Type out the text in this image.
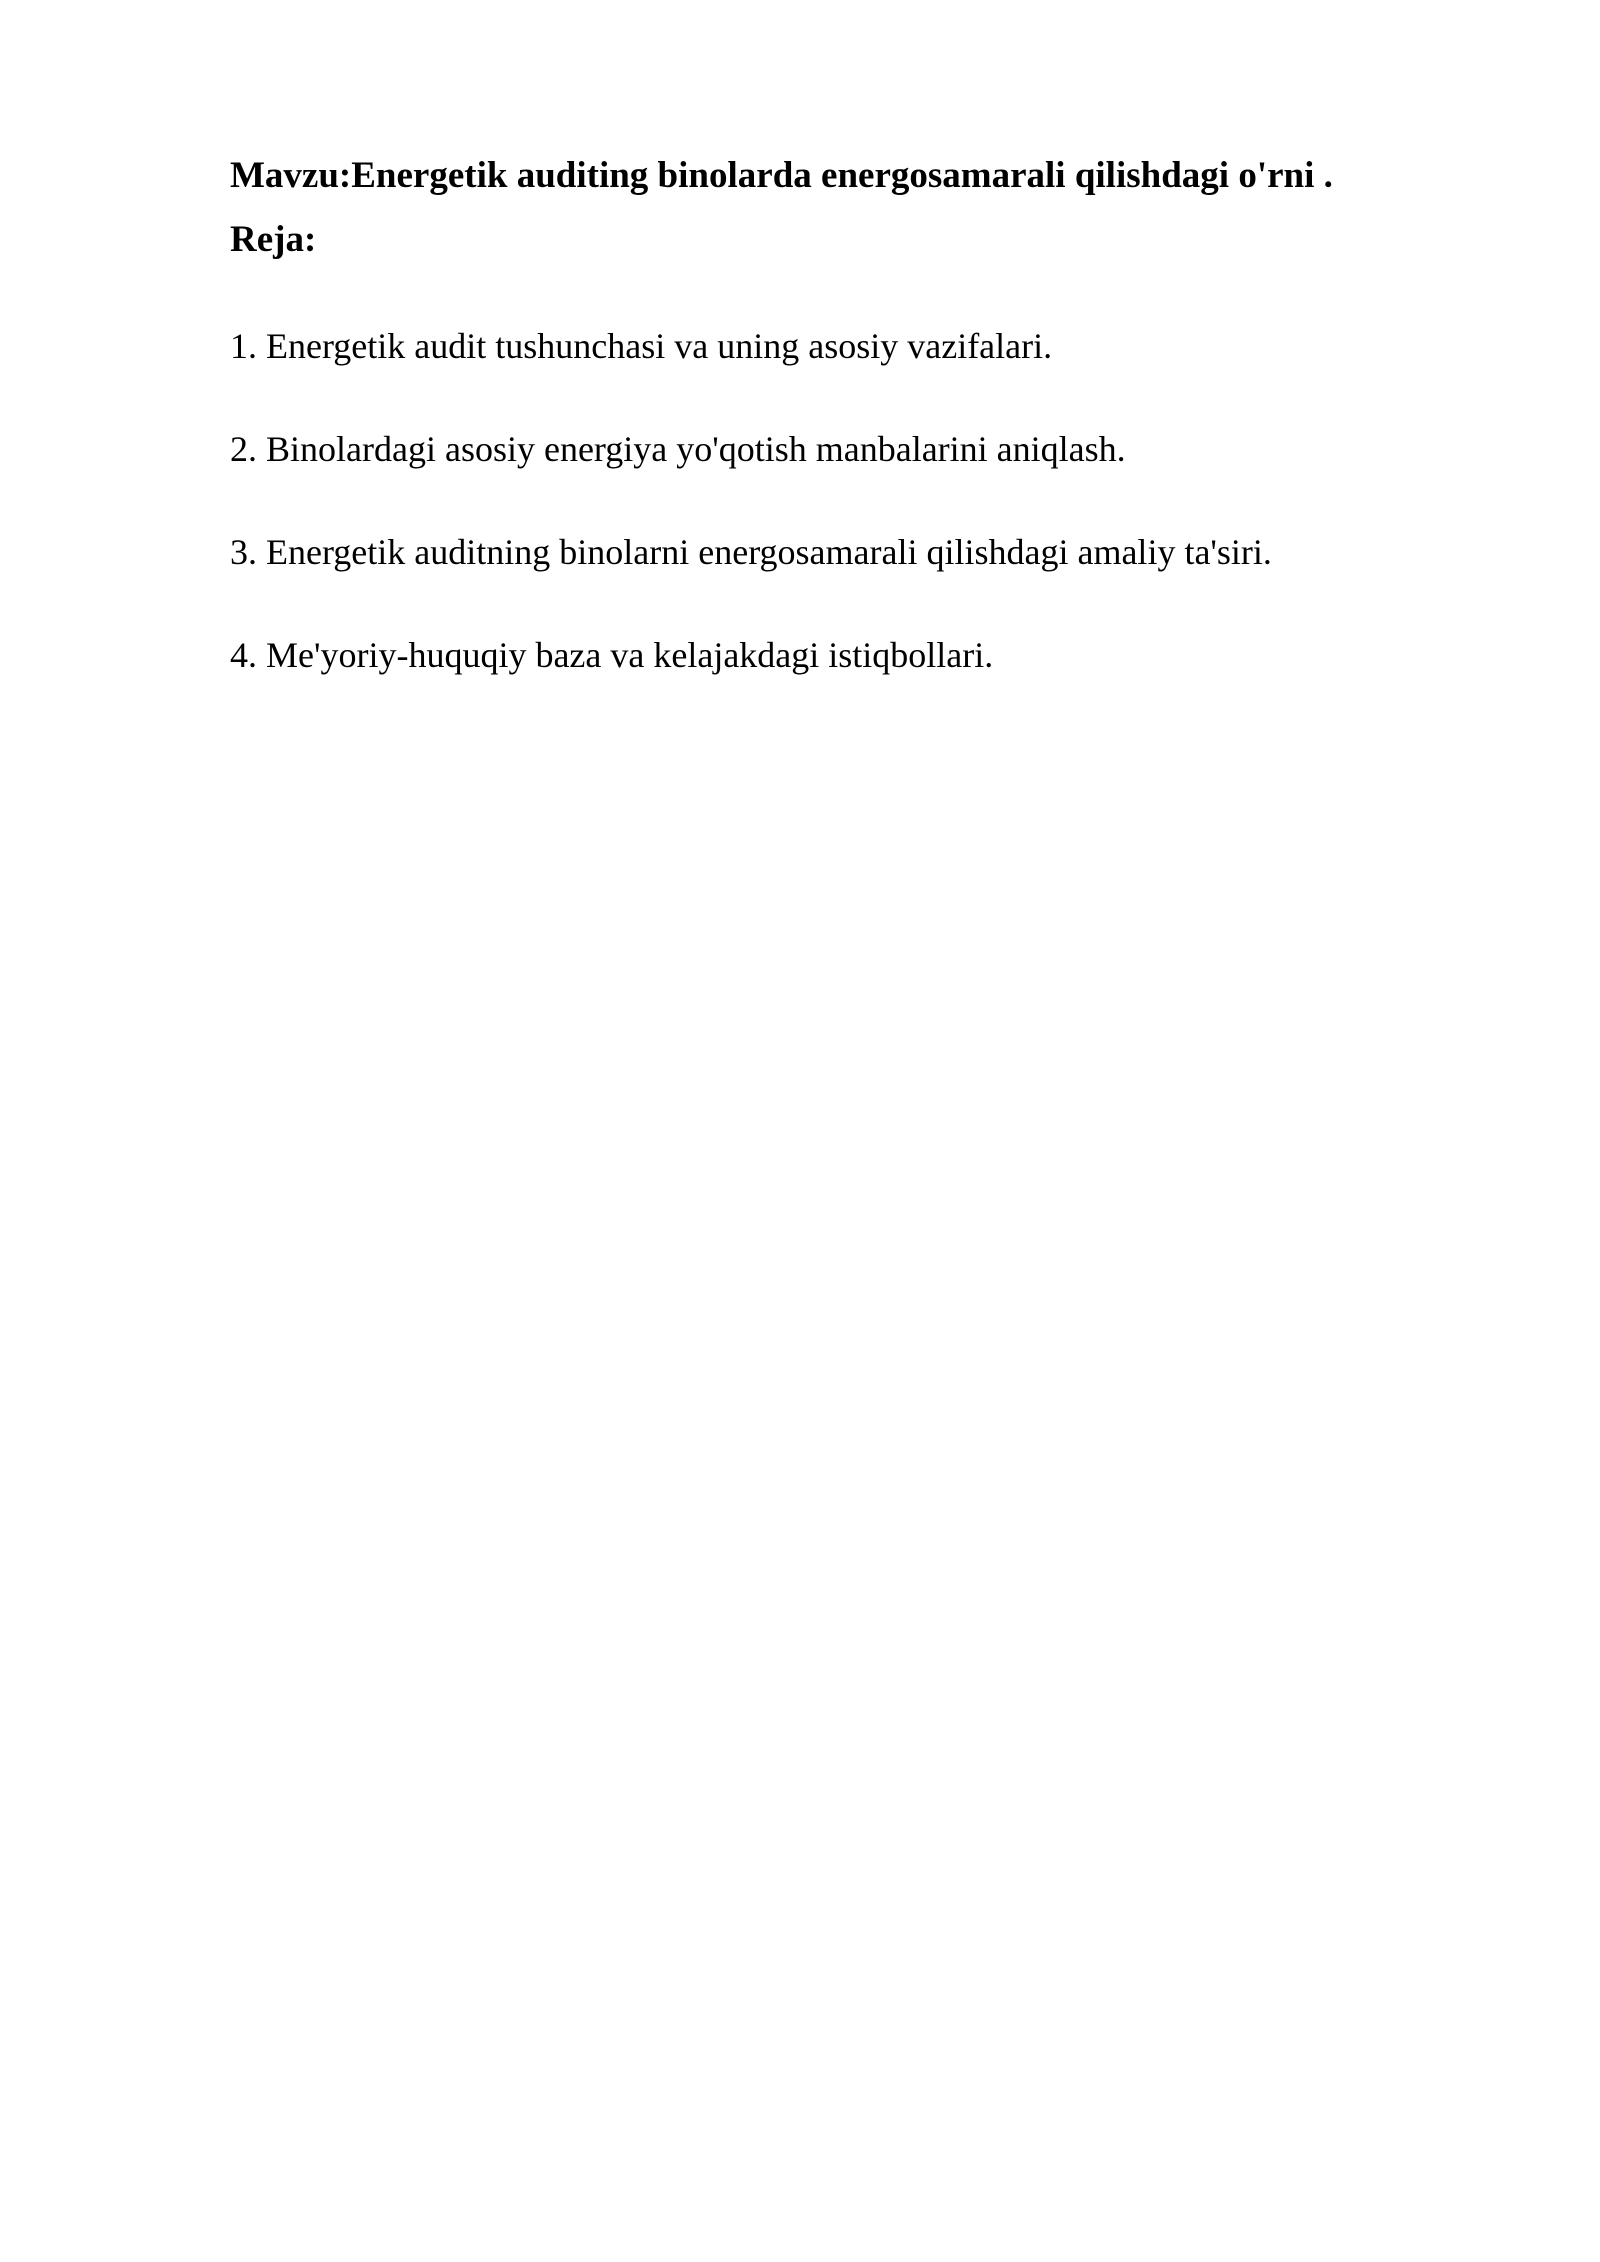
Mavzu:Energetik auditing binolarda energosamarali qilishdagi o'rni .
Reja:
1. Energetik audit tushunchasi va uning asosiy vazifalari.
2. Binolardagi asosiy energiya yo'qotish manbalarini aniqlash.
3. Energetik auditning binolarni energosamarali qilishdagi amaliy ta'siri.
4. Me'yoriy-huquqiy baza va kelajakdagi istiqbollari.
